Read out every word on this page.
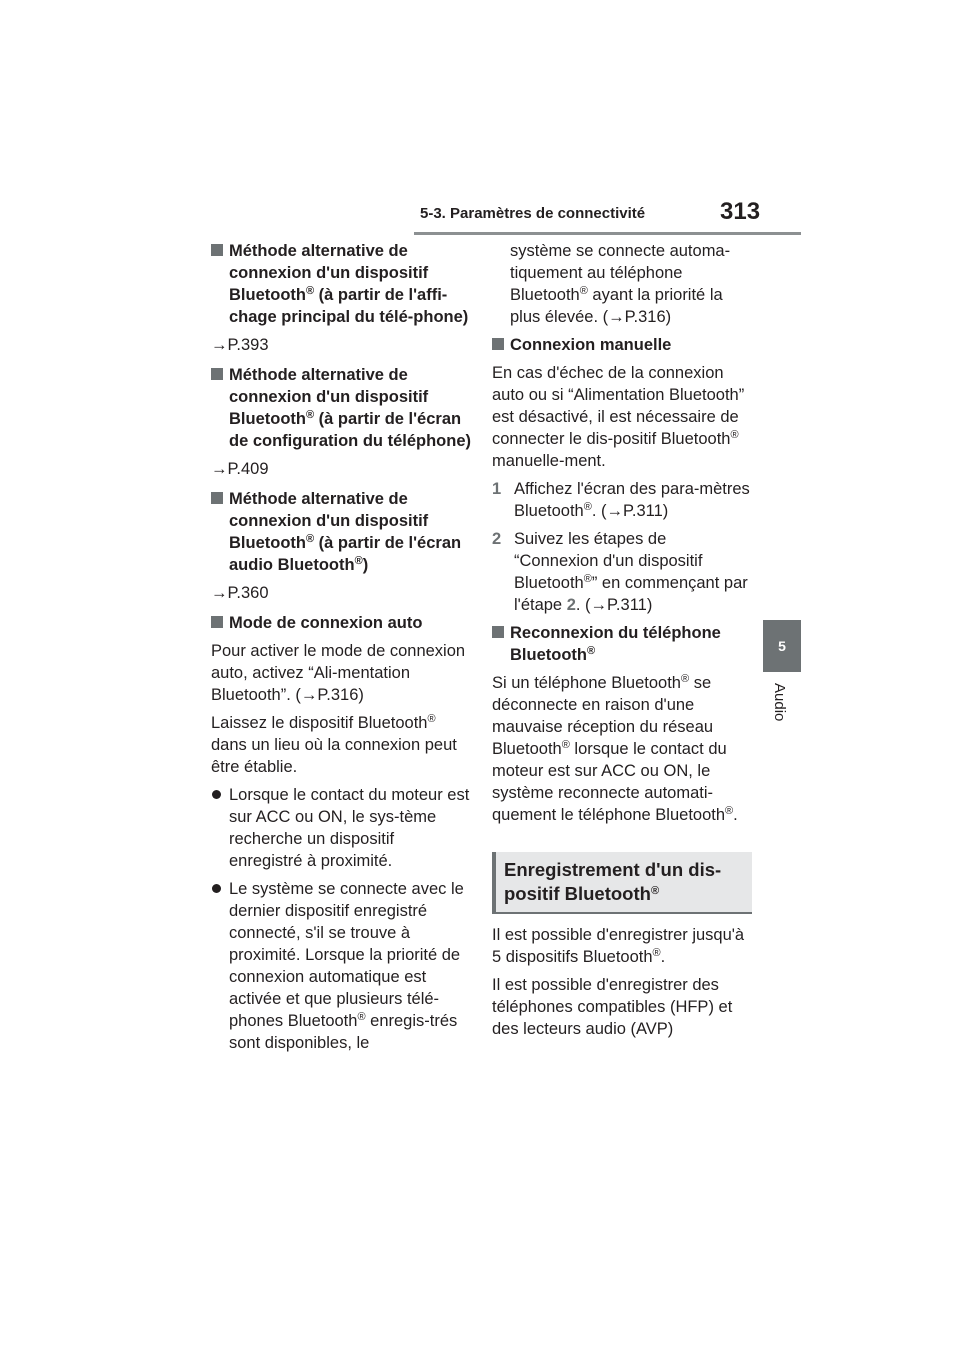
5-3. Paramètres de connectivité	313
5
Audio
Méthode alternative de connexion d'un dispositif Bluetooth® (à partir de l'affi-chage principal du télé-phone)
→P.393
Méthode alternative de connexion d'un dispositif Bluetooth® (à partir de l'écran de configuration du téléphone)
→P.409
Méthode alternative de connexion d'un dispositif Bluetooth® (à partir de l'écran audio Bluetooth®)
→P.360
Mode de connexion auto
Pour activer le mode de connexion auto, activez “Ali-mentation Bluetooth”. (→P.316)
Laissez le dispositif Bluetooth® dans un lieu où la connexion peut être établie.
Lorsque le contact du moteur est sur ACC ou ON, le sys-tème recherche un dispositif enregistré à proximité.
Le système se connecte avec le dernier dispositif enregistré connecté, s'il se trouve à proximité. Lorsque la priorité de connexion automatique est activée et que plusieurs télé-phones Bluetooth® enregis-trés sont disponibles, le
système se connecte automa-tiquement au téléphone Bluetooth® ayant la priorité la plus élevée. (→P.316)
Connexion manuelle
En cas d'échec de la connexion auto ou si “Alimentation Bluetooth” est désactivé, il est nécessaire de connecter le dis-positif Bluetooth® manuelle-ment.
1 Affichez l'écran des para-mètres Bluetooth®. (→P.311)
2 Suivez les étapes de “Connexion d'un dispositif Bluetooth®” en commençant par l'étape 2. (→P.311)
Reconnexion du téléphone Bluetooth®
Si un téléphone Bluetooth® se déconnecte en raison d'une mauvaise réception du réseau Bluetooth® lorsque le contact du moteur est sur ACC ou ON, le système reconnecte automati-quement le téléphone Bluetooth®.
Enregistrement d'un dis-positif Bluetooth®
Il est possible d'enregistrer jusqu'à 5 dispositifs Bluetooth®.
Il est possible d'enregistrer des téléphones compatibles (HFP) et des lecteurs audio (AVP)
